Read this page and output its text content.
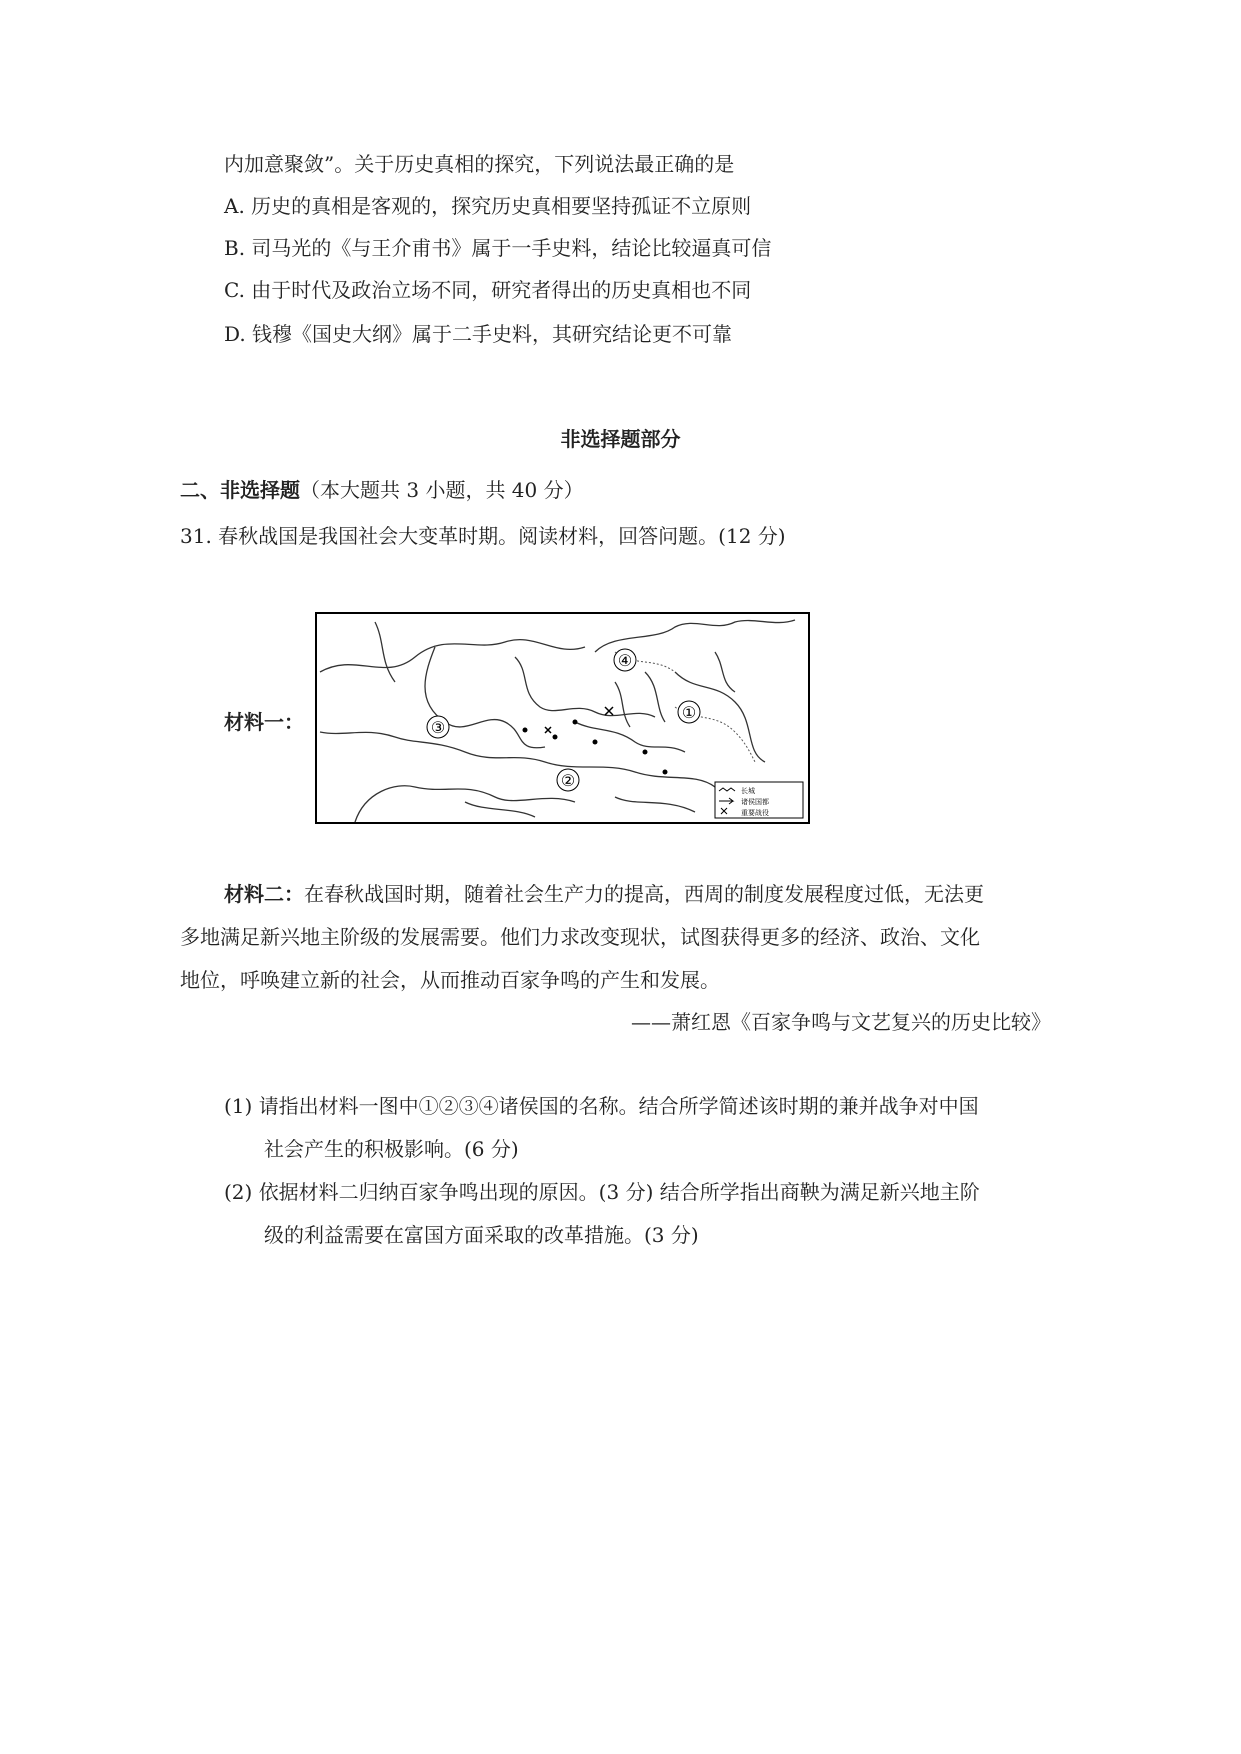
内加意聚敛”。关于历史真相的探究，下列说法最正确的是
A. 历史的真相是客观的，探究历史真相要坚持孤证不立原则
B. 司马光的《与王介甫书》属于一手史料，结论比较逼真可信
C. 由于时代及政治立场不同，研究者得出的历史真相也不同
D. 钱穆《国史大纲》属于二手史料，其研究结论更不可靠
非选择题部分
二、非选择题（本大题共 3 小题，共 40 分）
31. 春秋战国是我国社会大变革时期。阅读材料，回答问题。(12 分)
材料一：
④
①
③
②
长城
诸侯国都
重要战役
材料二：在春秋战国时期，随着社会生产力的提高，西周的制度发展程度过低，无法更
多地满足新兴地主阶级的发展需要。他们力求改变现状，试图获得更多的经济、政治、文化
地位，呼唤建立新的社会，从而推动百家争鸣的产生和发展。
——萧红恩《百家争鸣与文艺复兴的历史比较》
(1) 请指出材料一图中①②③④诸侯国的名称。结合所学简述该时期的兼并战争对中国
社会产生的积极影响。(6 分)
(2) 依据材料二归纳百家争鸣出现的原因。(3 分) 结合所学指出商鞅为满足新兴地主阶
级的利益需要在富国方面采取的改革措施。(3 分)
